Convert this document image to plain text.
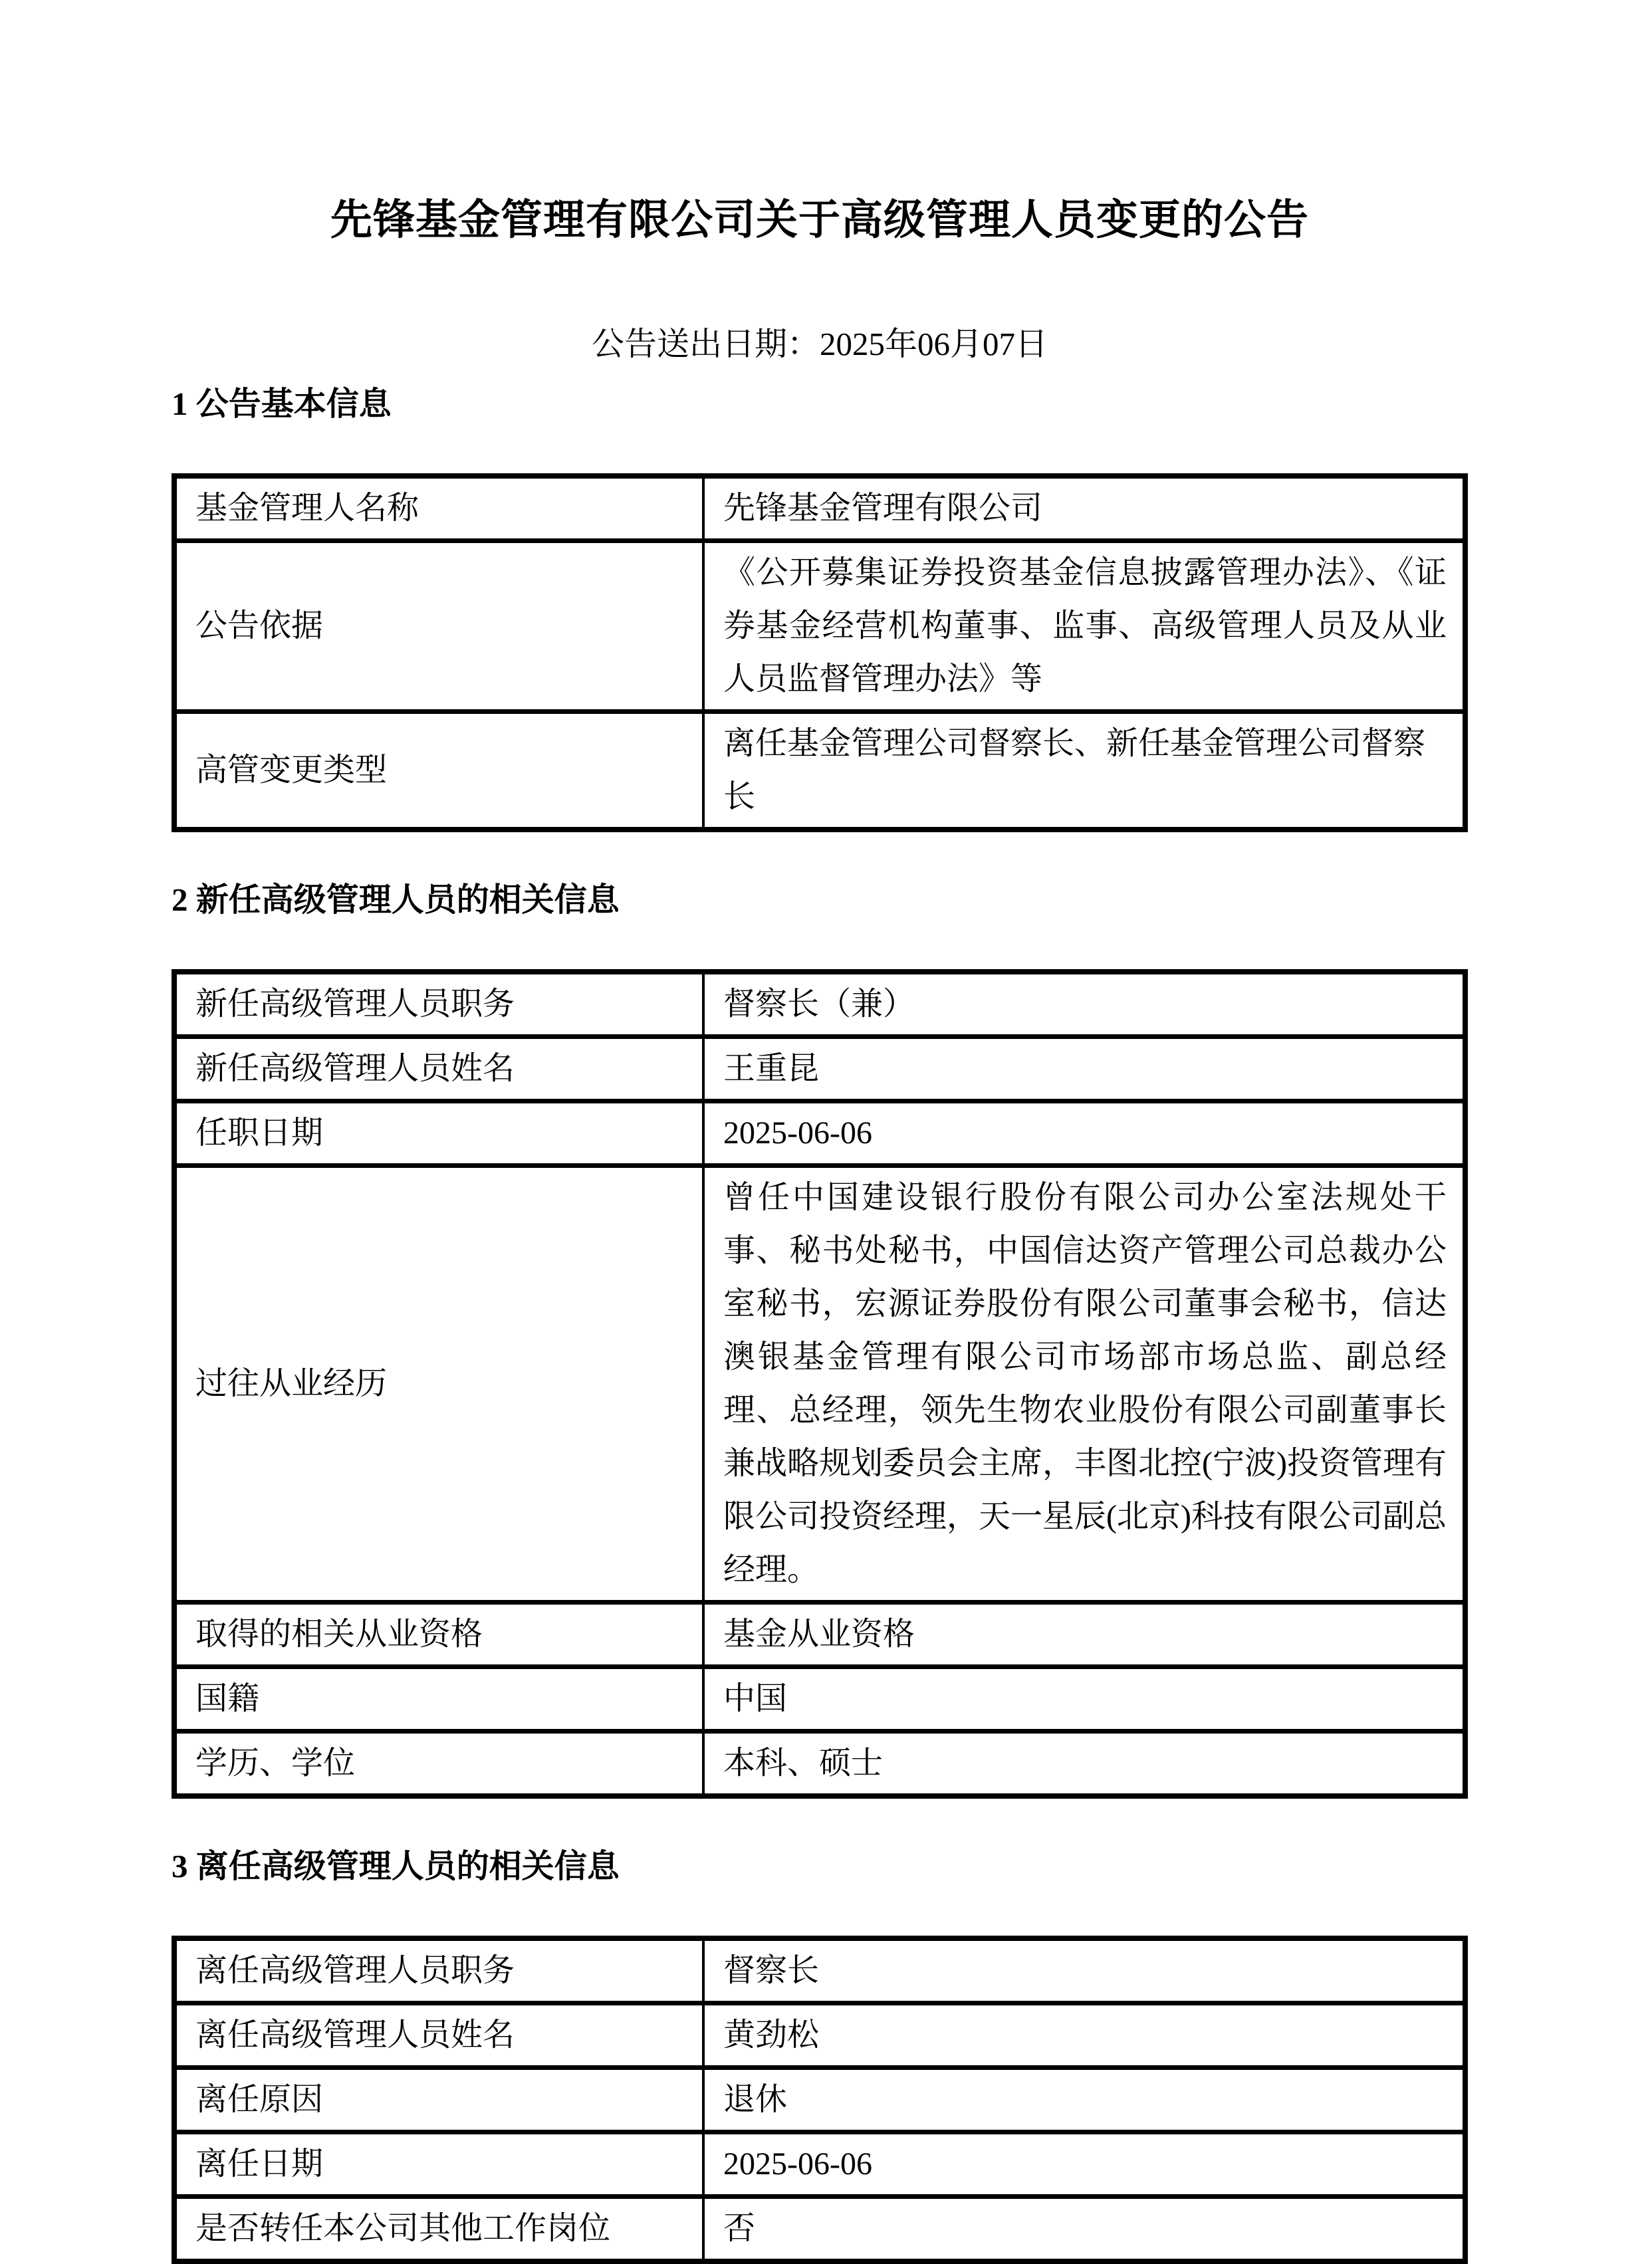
先锋基金管理有限公司关于高级管理人员变更的公告
公告送出日期：2025年06月07日
1 公告基本信息
基金管理人名称	先锋基金管理有限公司
公告依据	《公开募集证券投资基金信息披露管理办法》、《证券基金经营机构董事、监事、高级管理人员及从业人员监督管理办法》等
高管变更类型	离任基金管理公司督察长、新任基金管理公司督察长
2 新任高级管理人员的相关信息
新任高级管理人员职务	督察长（兼）
新任高级管理人员姓名	王重昆
任职日期	2025-06-06
过往从业经历	曾任中国建设银行股份有限公司办公室法规处干事、秘书处秘书，中国信达资产管理公司总裁办公室秘书，宏源证券股份有限公司董事会秘书，信达澳银基金管理有限公司市场部市场总监、副总经理、总经理，领先生物农业股份有限公司副董事长兼战略规划委员会主席，丰图北控(宁波)投资管理有限公司投资经理，天一星辰(北京)科技有限公司副总经理。
取得的相关从业资格	基金从业资格
国籍	中国
学历、学位	本科、硕士
3 离任高级管理人员的相关信息
离任高级管理人员职务	督察长
离任高级管理人员姓名	黄劲松
离任原因	退休
离任日期	2025-06-06
是否转任本公司其他工作岗位	否
